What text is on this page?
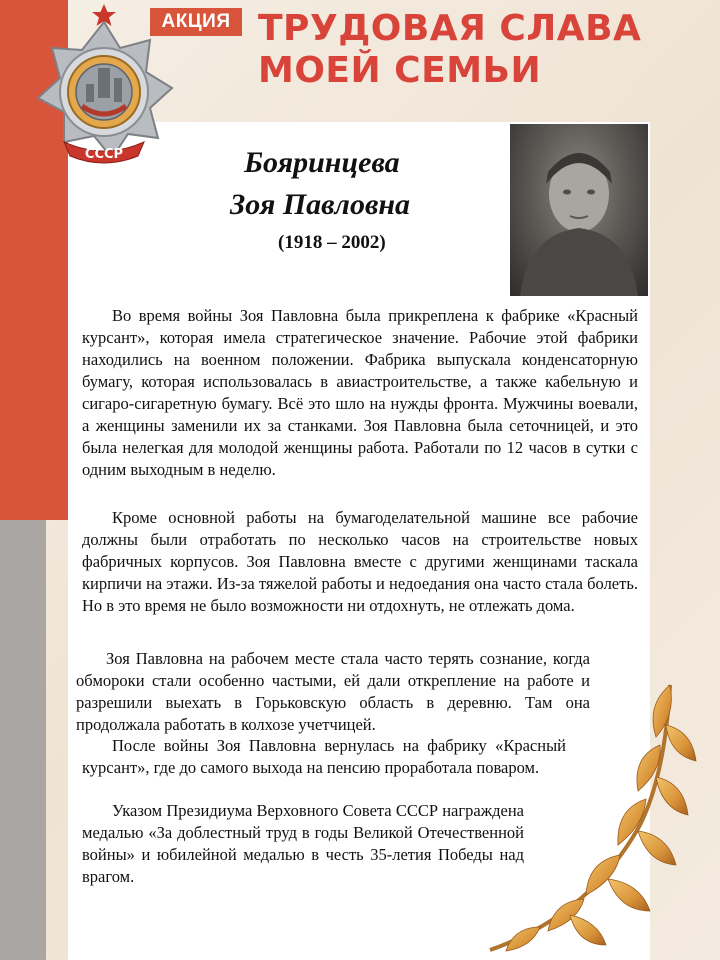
СССР
АКЦИЯ ТРУДОВАЯ СЛАВА
МОЕЙ СЕМЬИ
Бояринцева
Зоя Павловна
(1918 – 2002)

Во время войны Зоя Павловна была прикреплена к фабрике «Красный курсант», которая имела стратегическое значение. Рабочие этой фабрики находились на военном положении. Фабрика выпускала конденсаторную бумагу, которая использовалась в авиастроительстве, а также кабельную и сигаро-сигаретную бумагу. Всё это шло на нужды фронта. Мужчины воевали, а женщины заменили их за станками. Зоя Павловна была сеточницей, и это была нелегкая для молодой женщины работа. Работали по 12 часов в сутки с одним выходным в неделю.

Кроме основной работы на бумагоделательной машине все рабочие должны были отработать по несколько часов на строительстве новых фабричных корпусов. Зоя Павловна вместе с другими женщинами таскала кирпичи на этажи. Из-за тяжелой работы и недоедания она часто стала болеть. Но в это время не было возможности ни отдохнуть, не отлежать дома.

Зоя Павловна на рабочем месте стала часто терять сознание, когда обмороки стали особенно частыми, ей дали открепление на работе и разрешили выехать в Горьковскую область в деревню. Там она продолжала работать в колхозе учетчицей.

После войны Зоя Павловна вернулась на фабрику «Красный курсант», где до самого выхода на пенсию проработала поваром.

Указом Президиума Верховного Совета СССР награждена медалью «За доблестный труд в годы Великой Отечественной войны» и юбилейной медалью в честь 35-летия Победы над врагом.
